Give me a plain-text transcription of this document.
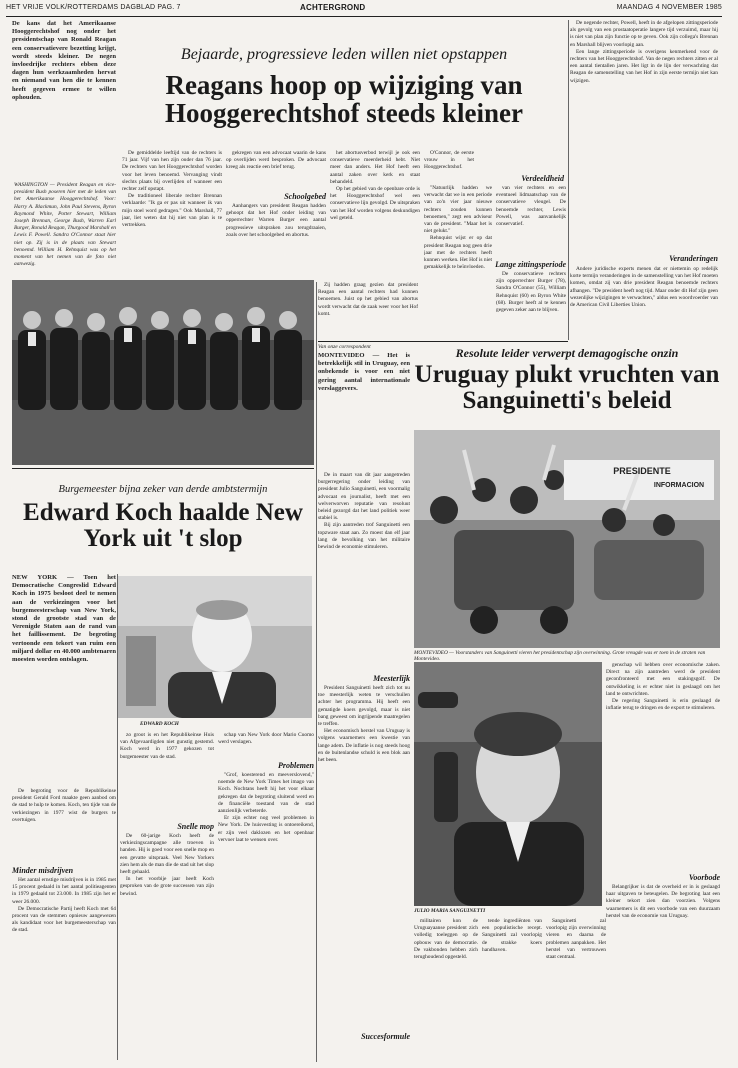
HET VRIJE VOLK/ROTTERDAMS DAGBLAD PAG. 7	ACHTERGROND	MAANDAG 4 NOVEMBER 1985
De kans dat het Amerikaanse Hooggerechtshof nog onder het presidentschap van Ronald Reagan een conservatievere bezetting krijgt, wordt steeds kleiner. De negen invloedrijke rechters ebben deze dagen hun werkzaamheden hervat en niemand van hen die te kennen heeft gegeven ermee te willen ophouden.
Bejaarde, progressieve leden willen niet opstappen
Reagans hoop op wijziging van Hooggerechtshof steeds kleiner
WASHINGTON — President Reagan en vice-president Bush poseren hier met de leden van het Amerikaanse Hooggerechtshof. Voor: Harry A. Blackmun, John Paul Stevens, Byron Raymond White, Potter Stewart, William Joseph Brennan, George Bush, Warren Earl Burger, Ronald Reagan, Thurgood Marshall en Lewis F. Powell. Sandra O'Connor staat hier niet op. Zij is in de plaats van Stewart benoemd. William H. Rehnquist was op het moment van het nemen van de foto niet aanwezig.

De negende rechter, Powell, heeft in de afgelopen zittingsperiode als gevolg van een prostaatoperatie langere tijd verzuimd, maar hij is niet van plan zijn functie op te geven. Ook zijn collega's Brennan en Marshall blijven voorlopig aan.

Een lange zittingsperiode is overigens kenmerkend voor de rechters van het Hooggerechtshof. Van de negen rechters zitten er al een aantal tientallen jaren. Het ligt in de lijn der verwachting dat Reagan de samenstelling van het Hof in zijn eerste termijn niet kan wijzigen.

Veranderingen

Andere juridische experts menen dat er niettemin op redelijk korte termijn veranderingen in de samenstelling van het Hof moeten komen, omdat zij van drie president Reagan benoemde rechters afhangen. "De president heeft nog tijd. Maar onder dit Hof zijn geen wezenlijke wijzigingen te verwachten," aldus een woordvoerder van de American Civil Liberties Union.

De gemiddelde leeftijd van de rechters is 71 jaar. Vijf van hen zijn ouder dan 76 jaar. De rechters van het Hooggerechtshof worden voor het leven benoemd. Vervanging vindt slechts plaats bij overlijden of wanneer een rechter zelf opstapt.

De traditioneel liberale rechter Brennan verklaarde: "Ik ga er pas uit wanneer ik van mijn stoel word gedragen." Ook Marshall, 77 jaar, liet weten dat hij niet van plan is te vertrekken.

gekregen van een advocaat waarin de kans op overlijden werd besproken. De advocaat kreeg als reactie een brief terug.

Schoolgebed

Aanhangers van president Reagan hadden gehoopt dat het Hof onder leiding van opperrechter Warren Burger een aantal progressieve uitspraken zou terugdraaien, zoals over het schoolgebed en abortus.

het abortusverbod terwijl je ook een conservatieve meerderheid hebt. Niet meer dan anders. Het Hof heeft een aantal zaken over kerk en staat behandeld.

Op het gebied van de openbare orde is het Hooggerechtshof wel een conservatieve lijn gevolgd. De uitspraken van het Hof worden volgens deskundigen wel geteld.

O'Connor, de eerste vrouw in het Hooggerechtshof.

Verdeeldheid

"Natuurlijk hadden we verwacht dat we in een periode van zo'n vier jaar nieuwe rechters zouden kunnen benoemen," zegt een adviseur van de president. "Maar het is niet gelukt."

Rehnquist wijst er op dat president Reagan nog geen drie jaar met de rechters heeft kunnen werken. Het Hof is niet gemakkelijk te beïnvloeden.

van vier rechters en een eventueel lidmaatschap van de conservatieve vleugel. De benoemde rechter, Lewis Powell, was aanvankelijk conservatief.

Lange zittingsperiode

De conservatieve rechters zijn opperrechter Burger (78), Sandra O'Connor (55), William Rehnquist (60) en Byron White (68). Burger heeft al te kennen gegeven zeker aan te blijven.

Zij hadden graag gezien dat president Reagan een aantal rechters had kunnen benoemen. Juist op het gebied van abortus wordt verwacht dat de zaak weer voor het Hof komt.

Van onze correspondent
MONTEVIDEO — Het is betrekkelijk stil in Uruguay, een onbekende is voor een niet gering aantal internationale verslaggevers.
Resolute leider verwerpt demagogische onzin
Uruguay plukt vruchten van Sanguinetti's beleid
PRESIDENTE
INFORMACION
MONTEVIDEO — Voorstanders van Sanguinetti vieren het presidentschap zijn overwinning. Grote vreugde was er toen in de straten van Montevideo.

De in maart van dit jaar aangetreden burgerregering onder leiding van president Julio Sanguinetti, een voormalig advocaat en journalist, heeft met een welverworven reputatie van resoluut beleid gezorgd dat het land politiek weer stabiel is.

Bij zijn aantreden trof Sanguinetti een topzware staat aan. Zo moest dan elf jaar lang de bevolking van het militaire bewind de economie stimuleren.

Meesterlijk

President Sanguinetti heeft zich tot nu toe meesterlijk weten te verschuilen achter het programma. Hij heeft een gematigde koers gevolgd, maar is niet bang geweest om ingrijpende maatregelen te treffen.

Het economisch herstel van Uruguay is volgens waarnemers een kwestie van lange adem. De inflatie is nog steeds hoog en de buitenlandse schuld is een blok aan het been.

Succesformule
JULIO MARIA SANGUINETTI

militairen kon de Uruguayaanse president zich volledig toeleggen op de opbouw van de democratie. De vakbonden hebben zich terughoudend opgesteld.

tende ingrediënten van een populistische recept. Sanguinetti zal voorlopig de strakke koers handhaven.

Sanguinetti zal voorlopig zijn overwinning vieren en daarna de problemen aanpakken. Het herstel van vertrouwen staat centraal.

genschap wil hebben over economische zaken. Direct na zijn aantreden werd de president geconfronteerd met een stakingsgolf. De ontwikkeling is er echter niet in geslaagd om het land te ontwrichten.

De regering Sanguinetti is erin geslaagd de inflatie terug te dringen en de export te stimuleren.

Voorbode

Belangrijker is dat de overheid er in is geslaagd haar uitgaven te beteugelen. De begroting laat een kleiner tekort zien dan voorzien. Volgens waarnemers is dit een voorbode van een duurzaam herstel van de economie van Uruguay.

Burgemeester bijna zeker van derde ambtstermijn
Edward Koch haalde New York uit 't slop
NEW YORK — Toen het Democratische Congreslid Edward Koch in 1975 besloot deel te nemen aan de verkiezingen voor het burgemeesterschap van New York, stond de grootste stad van de Verenigde Staten aan de rand van het faillissement. De begroting vertoonde een tekort van ruim een miljard dollar en 40.000 ambtenaren moesten worden ontslagen.
EDWARD KOCH

De begroting voor de Republikeinse president Gerald Ford maakte geen aanbod om de stad te hulp te komen. Koch, ten tijde van de verkiezingen in 1977 wist de burgers te overtuigen.

Minder misdrijven

Het aantal ernstige misdrijven is in 1985 met 15 procent gedaald in het aantal politieagenten in 1979 gedaald tot 23.000. In 1985 zijn het er weer 26.000.

De Democratische Partij heeft Koch met 64 procent van de stemmen opnieuw aangewezen als kandidaat voor het burgemeesterschap van de stad.

zo groot is en het Republikeinse Huis van Afgevaardigden niet gunstig gestemd. Koch werd in 1977 gekozen tot burgemeester van de stad.

Snelle mop

De 60-jarige Koch heeft de verkiezingscampagne alle troeven in handen. Hij is goed voor een snelle mop en een gevatte uitspraak. Veel New Yorkers zien hem als de man die de stad uit het slop heeft gehaald.

In het voorbije jaar heeft Koch gesproken van de grote successen van zijn bewind.

schap van New York door Mario Cuomo werd verslagen.

Problemen

"Grof, koesterend en meeverslovend," noemde de New York Times het imago van Koch. Nochtans heeft hij het voor elkaar gekregen dat de begroting sluitend werd en de financiële toestand van de stad aanzienlijk verbeterde.

Er zijn echter nog veel problemen in New York. De huisvesting is ontoereikend, er zijn veel daklozen en het openbaar vervoer laat te wensen over.
